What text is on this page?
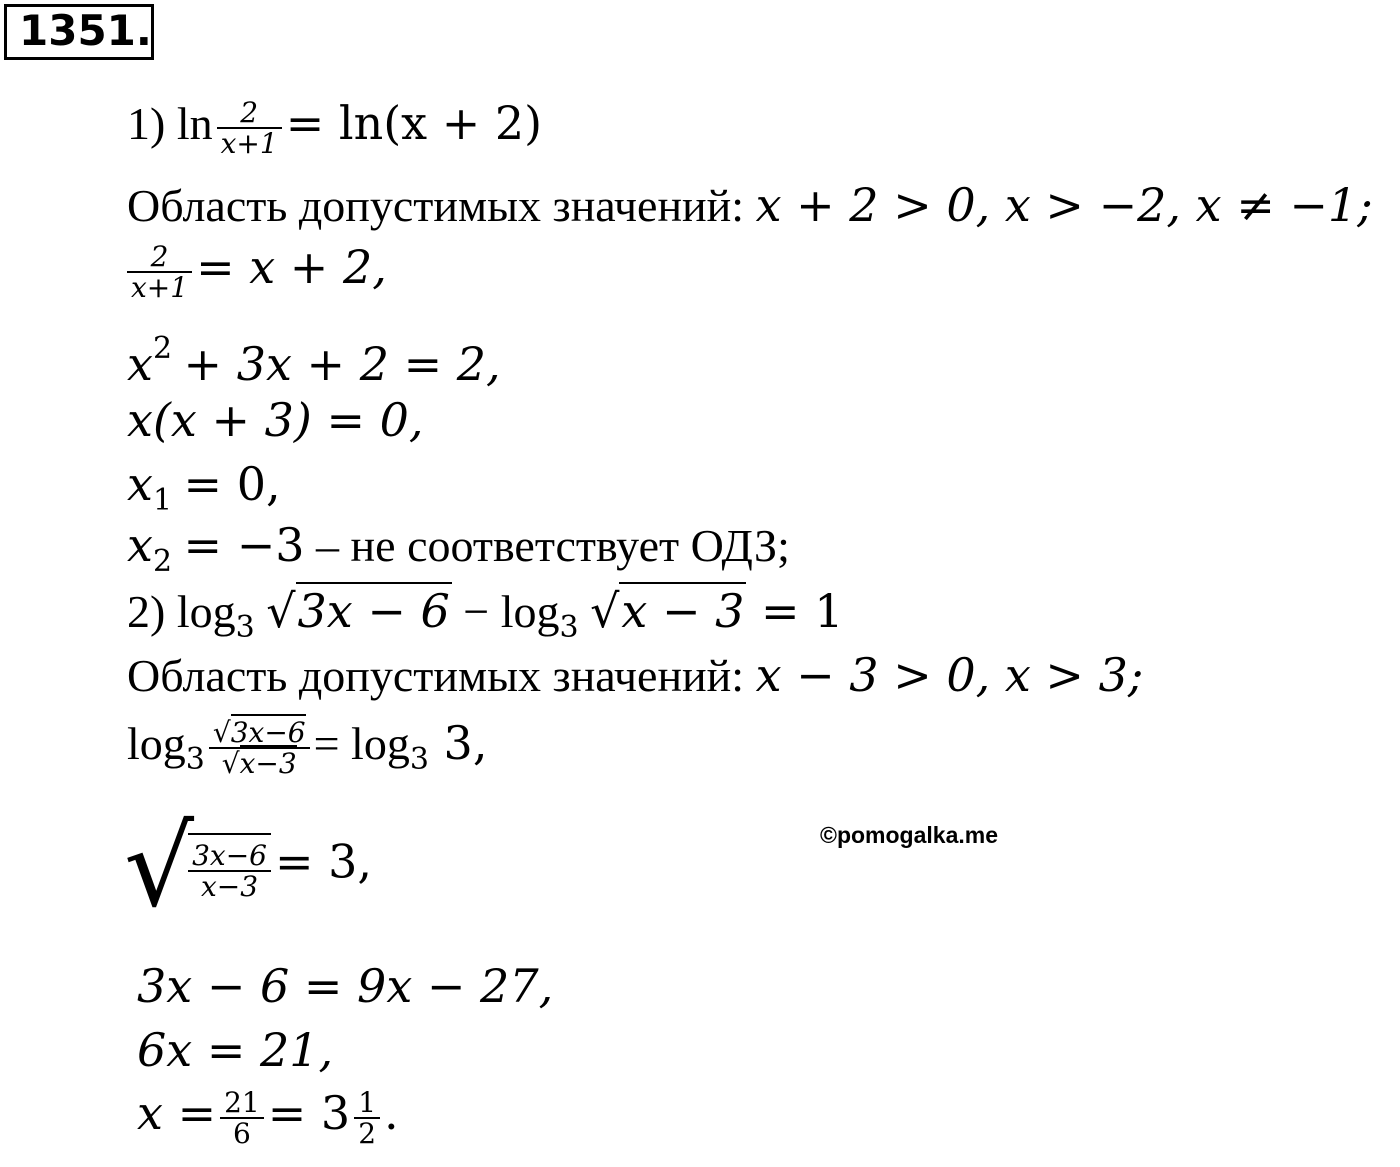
1351.
1) $\ln \frac{2}{x+1} = \ln(x + 2)$
Область допустимых значений: x + 2 > 0, x > −2, x ≠ −1;
$\frac{2}{x+1} = x + 2$,
$x^2 + 3x + 2 = 2$,
x(x + 3) = 0,
$x_1 = 0$,
$x_2 = -3$ – не соответствует ОДЗ;
2) $\log_3 √3x - 6 - \log_3 √x - 3 = 1$
Область допустимых значений: x − 3 > 0, x > 3;
$\log_3 \frac{√3x-6}{√x-3} = \log_3 3$,
√
$\frac{3x-6}{x-3} = 3$,	©pomogalka.me
3x − 6 = 9x − 27,
6x = 21,
$x = \frac{21}{6} = 3 \frac{1}{2}$ .
